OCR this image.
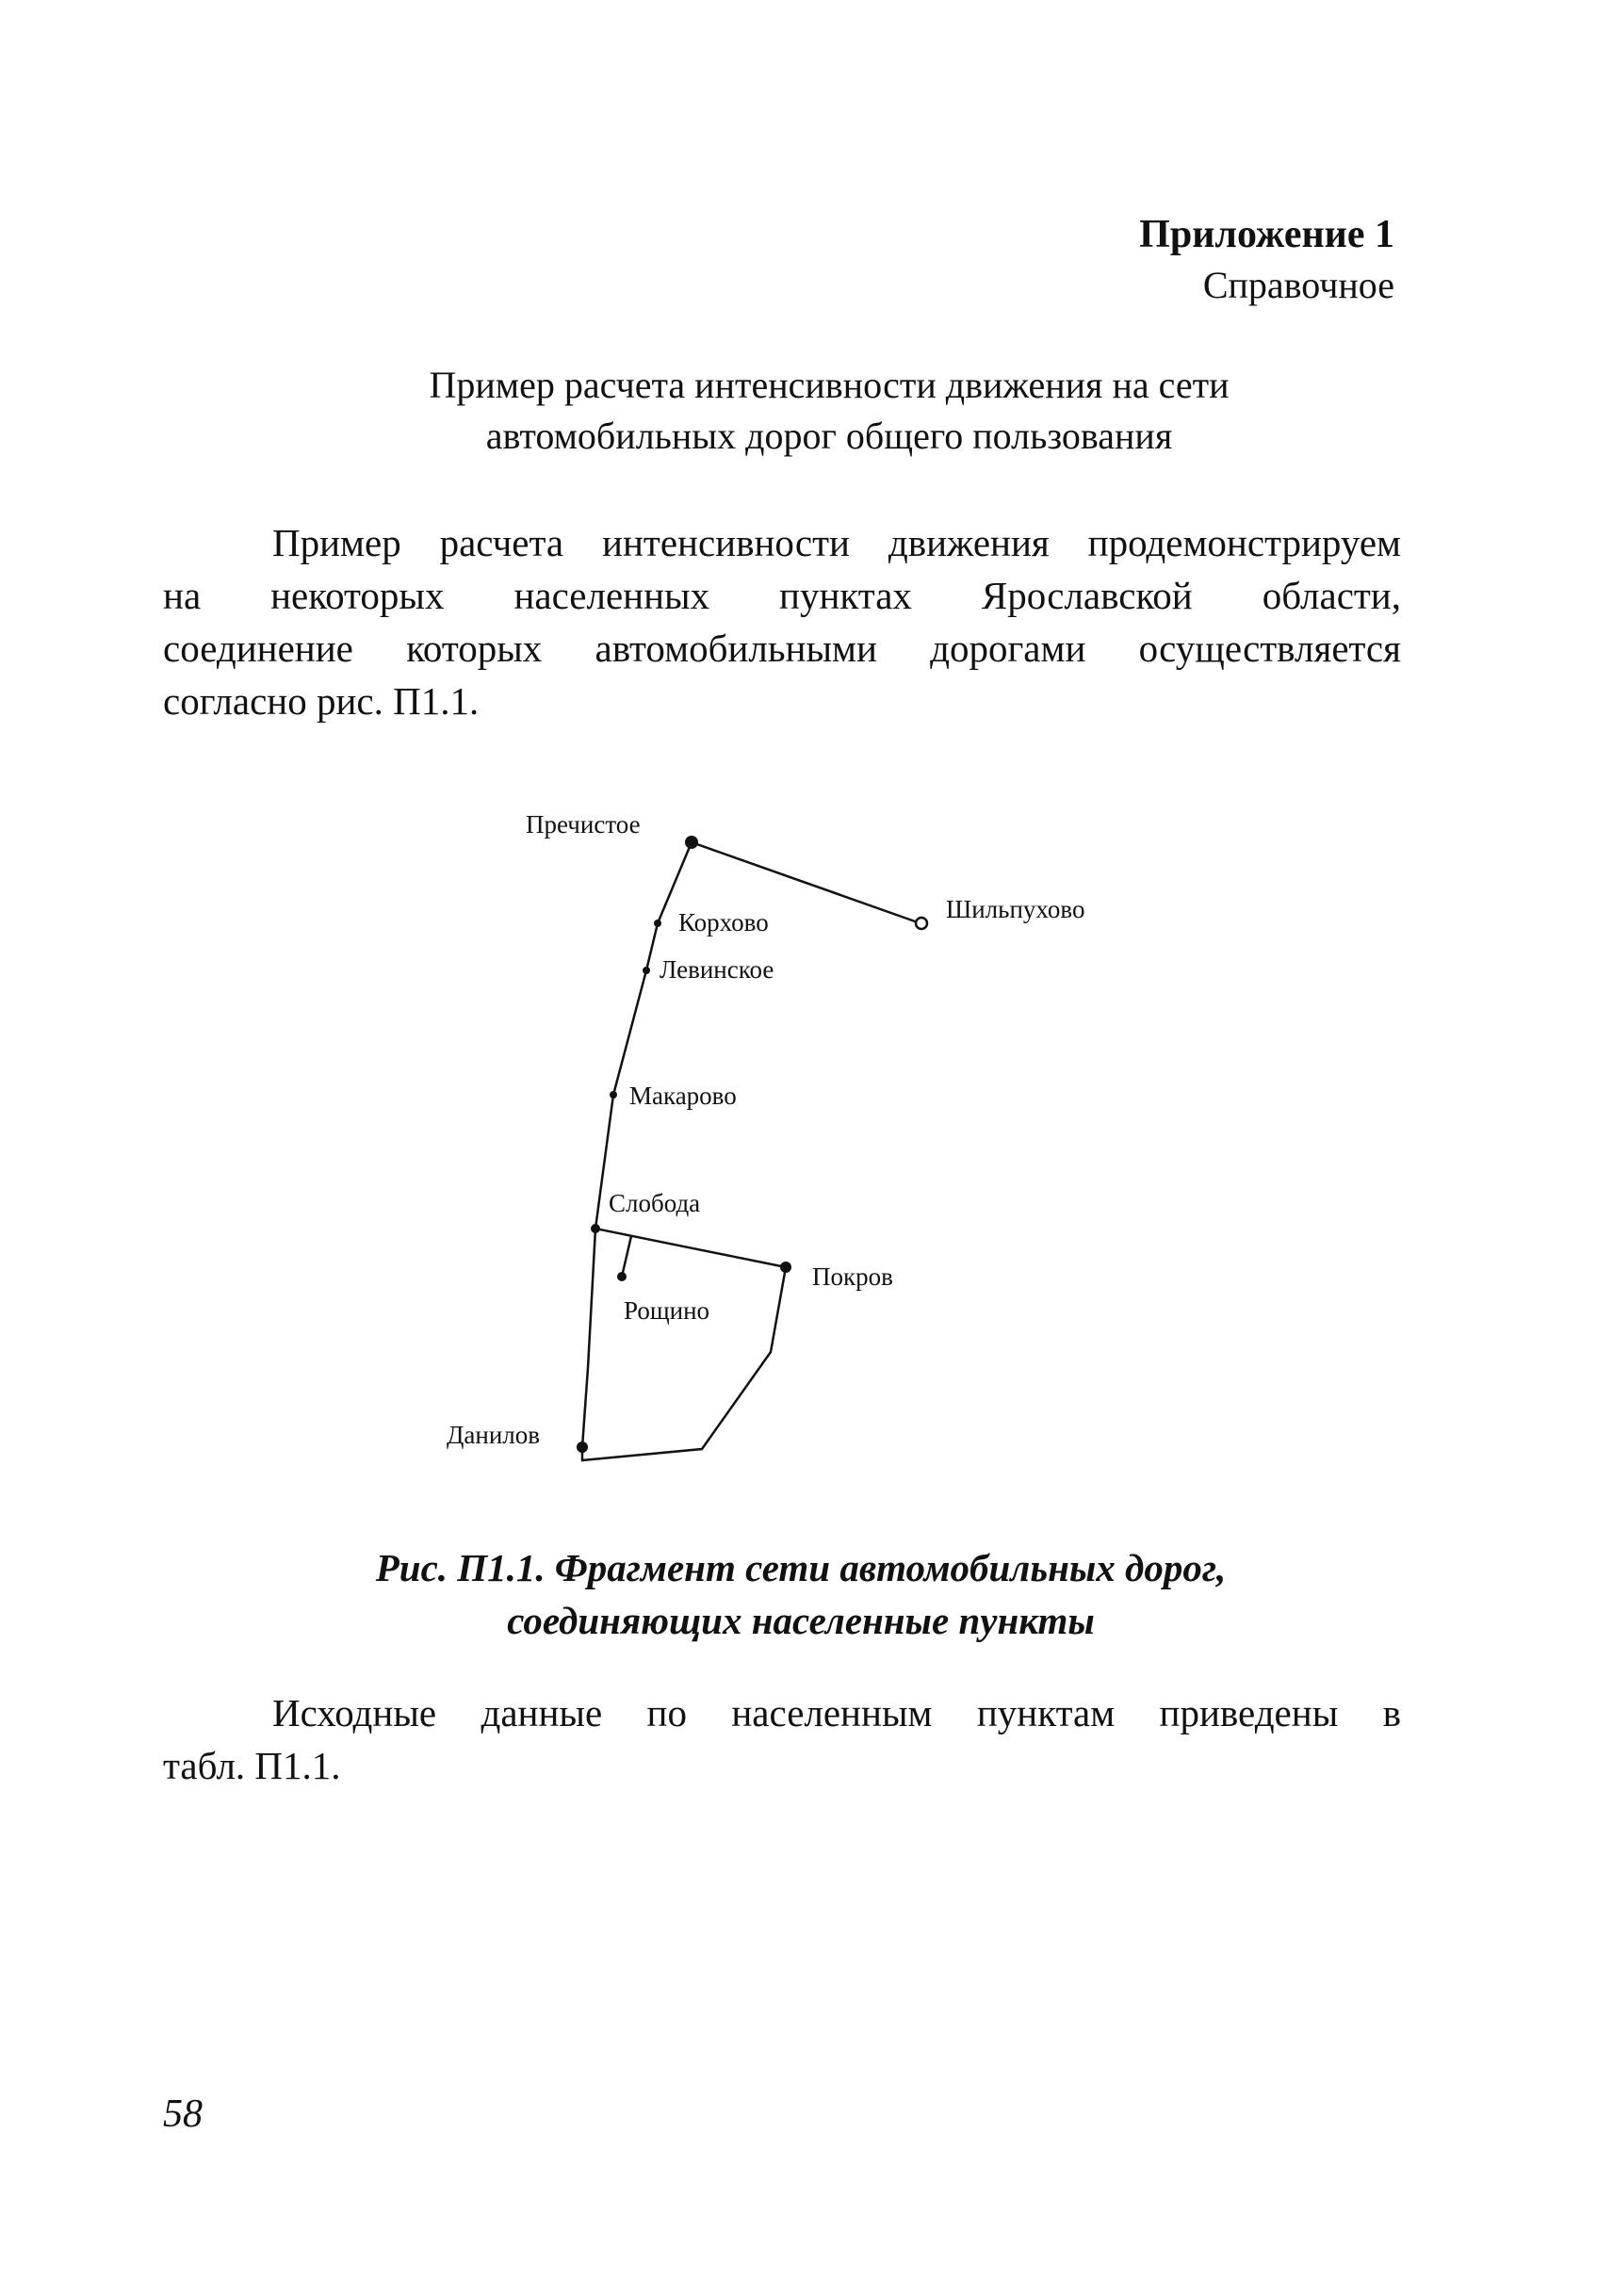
Приложение 1
Справочное
Пример расчета интенсивности движения на сети
автомобильных дорог общего пользования
Пример расчета интенсивности движения продемонстрируем
на некоторых населенных пунктах Ярославской области,
соединение которых автомобильными дорогами осуществляется
согласно рис. П1.1.
Пречистое
Шильпухово
Корхово
Левинское
Макарово
Слобода
Покров
Рощино
Данилов
Рис. П1.1. Фрагмент сети автомобильных дорог,
соединяющих населенные пункты
Исходные данные по населенным пунктам приведены в
табл. П1.1.
58
